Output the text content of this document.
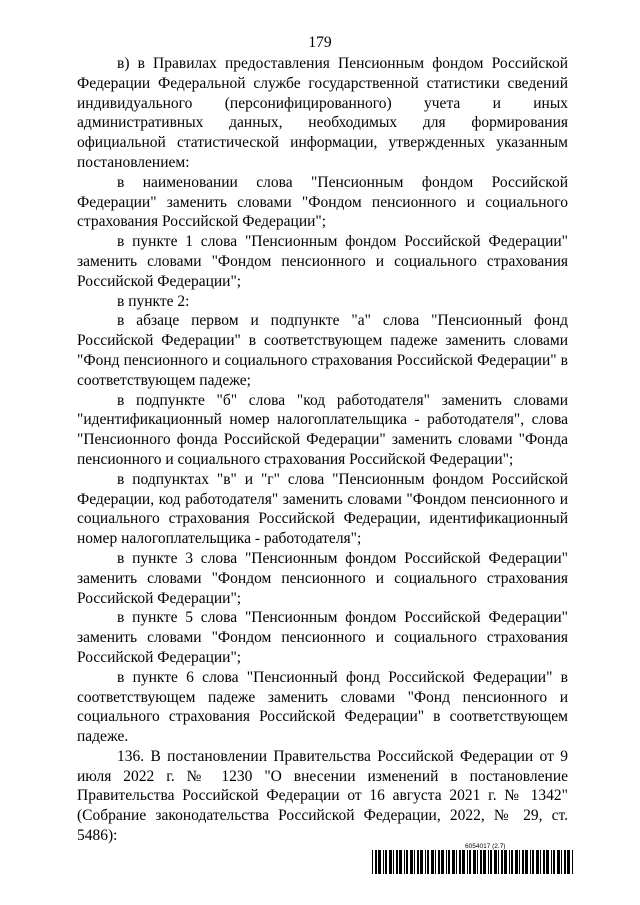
179

в) в Правилах предоставления Пенсионным фондом Российской Федерации Федеральной службе государственной статистики сведений индивидуального (персонифицированного) учета и иных административных данных, необходимых для формирования официальной статистической информации, утвержденных указанным постановлением:

в наименовании слова "Пенсионным фондом Российской Федерации" заменить словами "Фондом пенсионного и социального страхования Российской Федерации";

в пункте 1 слова "Пенсионным фондом Российской Федерации" заменить словами "Фондом пенсионного и социального страхования Российской Федерации";

в пункте 2:

в абзаце первом и подпункте "а" слова "Пенсионный фонд Российской Федерации" в соответствующем падеже заменить словами "Фонд пенсионного и социального страхования Российской Федерации" в соответствующем падеже;

в подпункте "б" слова "код работодателя" заменить словами "идентификационный номер налогоплательщика - работодателя", слова "Пенсионного фонда Российской Федерации" заменить словами "Фонда пенсионного и социального страхования Российской Федерации";

в подпунктах "в" и "г" слова "Пенсионным фондом Российской Федерации, код работодателя" заменить словами "Фондом пенсионного и социального страхования Российской Федерации, идентификационный номер налогоплательщика - работодателя";

в пункте 3 слова "Пенсионным фондом Российской Федерации" заменить словами "Фондом пенсионного и социального страхования Российской Федерации";

в пункте 5 слова "Пенсионным фондом Российской Федерации" заменить словами "Фондом пенсионного и социального страхования Российской Федерации";

в пункте 6 слова "Пенсионный фонд Российской Федерации" в соответствующем падеже заменить словами "Фонд пенсионного и социального страхования Российской Федерации" в соответствующем падеже.

136. В постановлении Правительства Российской Федерации от 9 июля 2022 г. № 1230 "О внесении изменений в постановление Правительства Российской Федерации от 16 августа 2021 г. № 1342" (Собрание законодательства Российской Федерации, 2022, № 29, ст. 5486):

6054017 (2.7)
